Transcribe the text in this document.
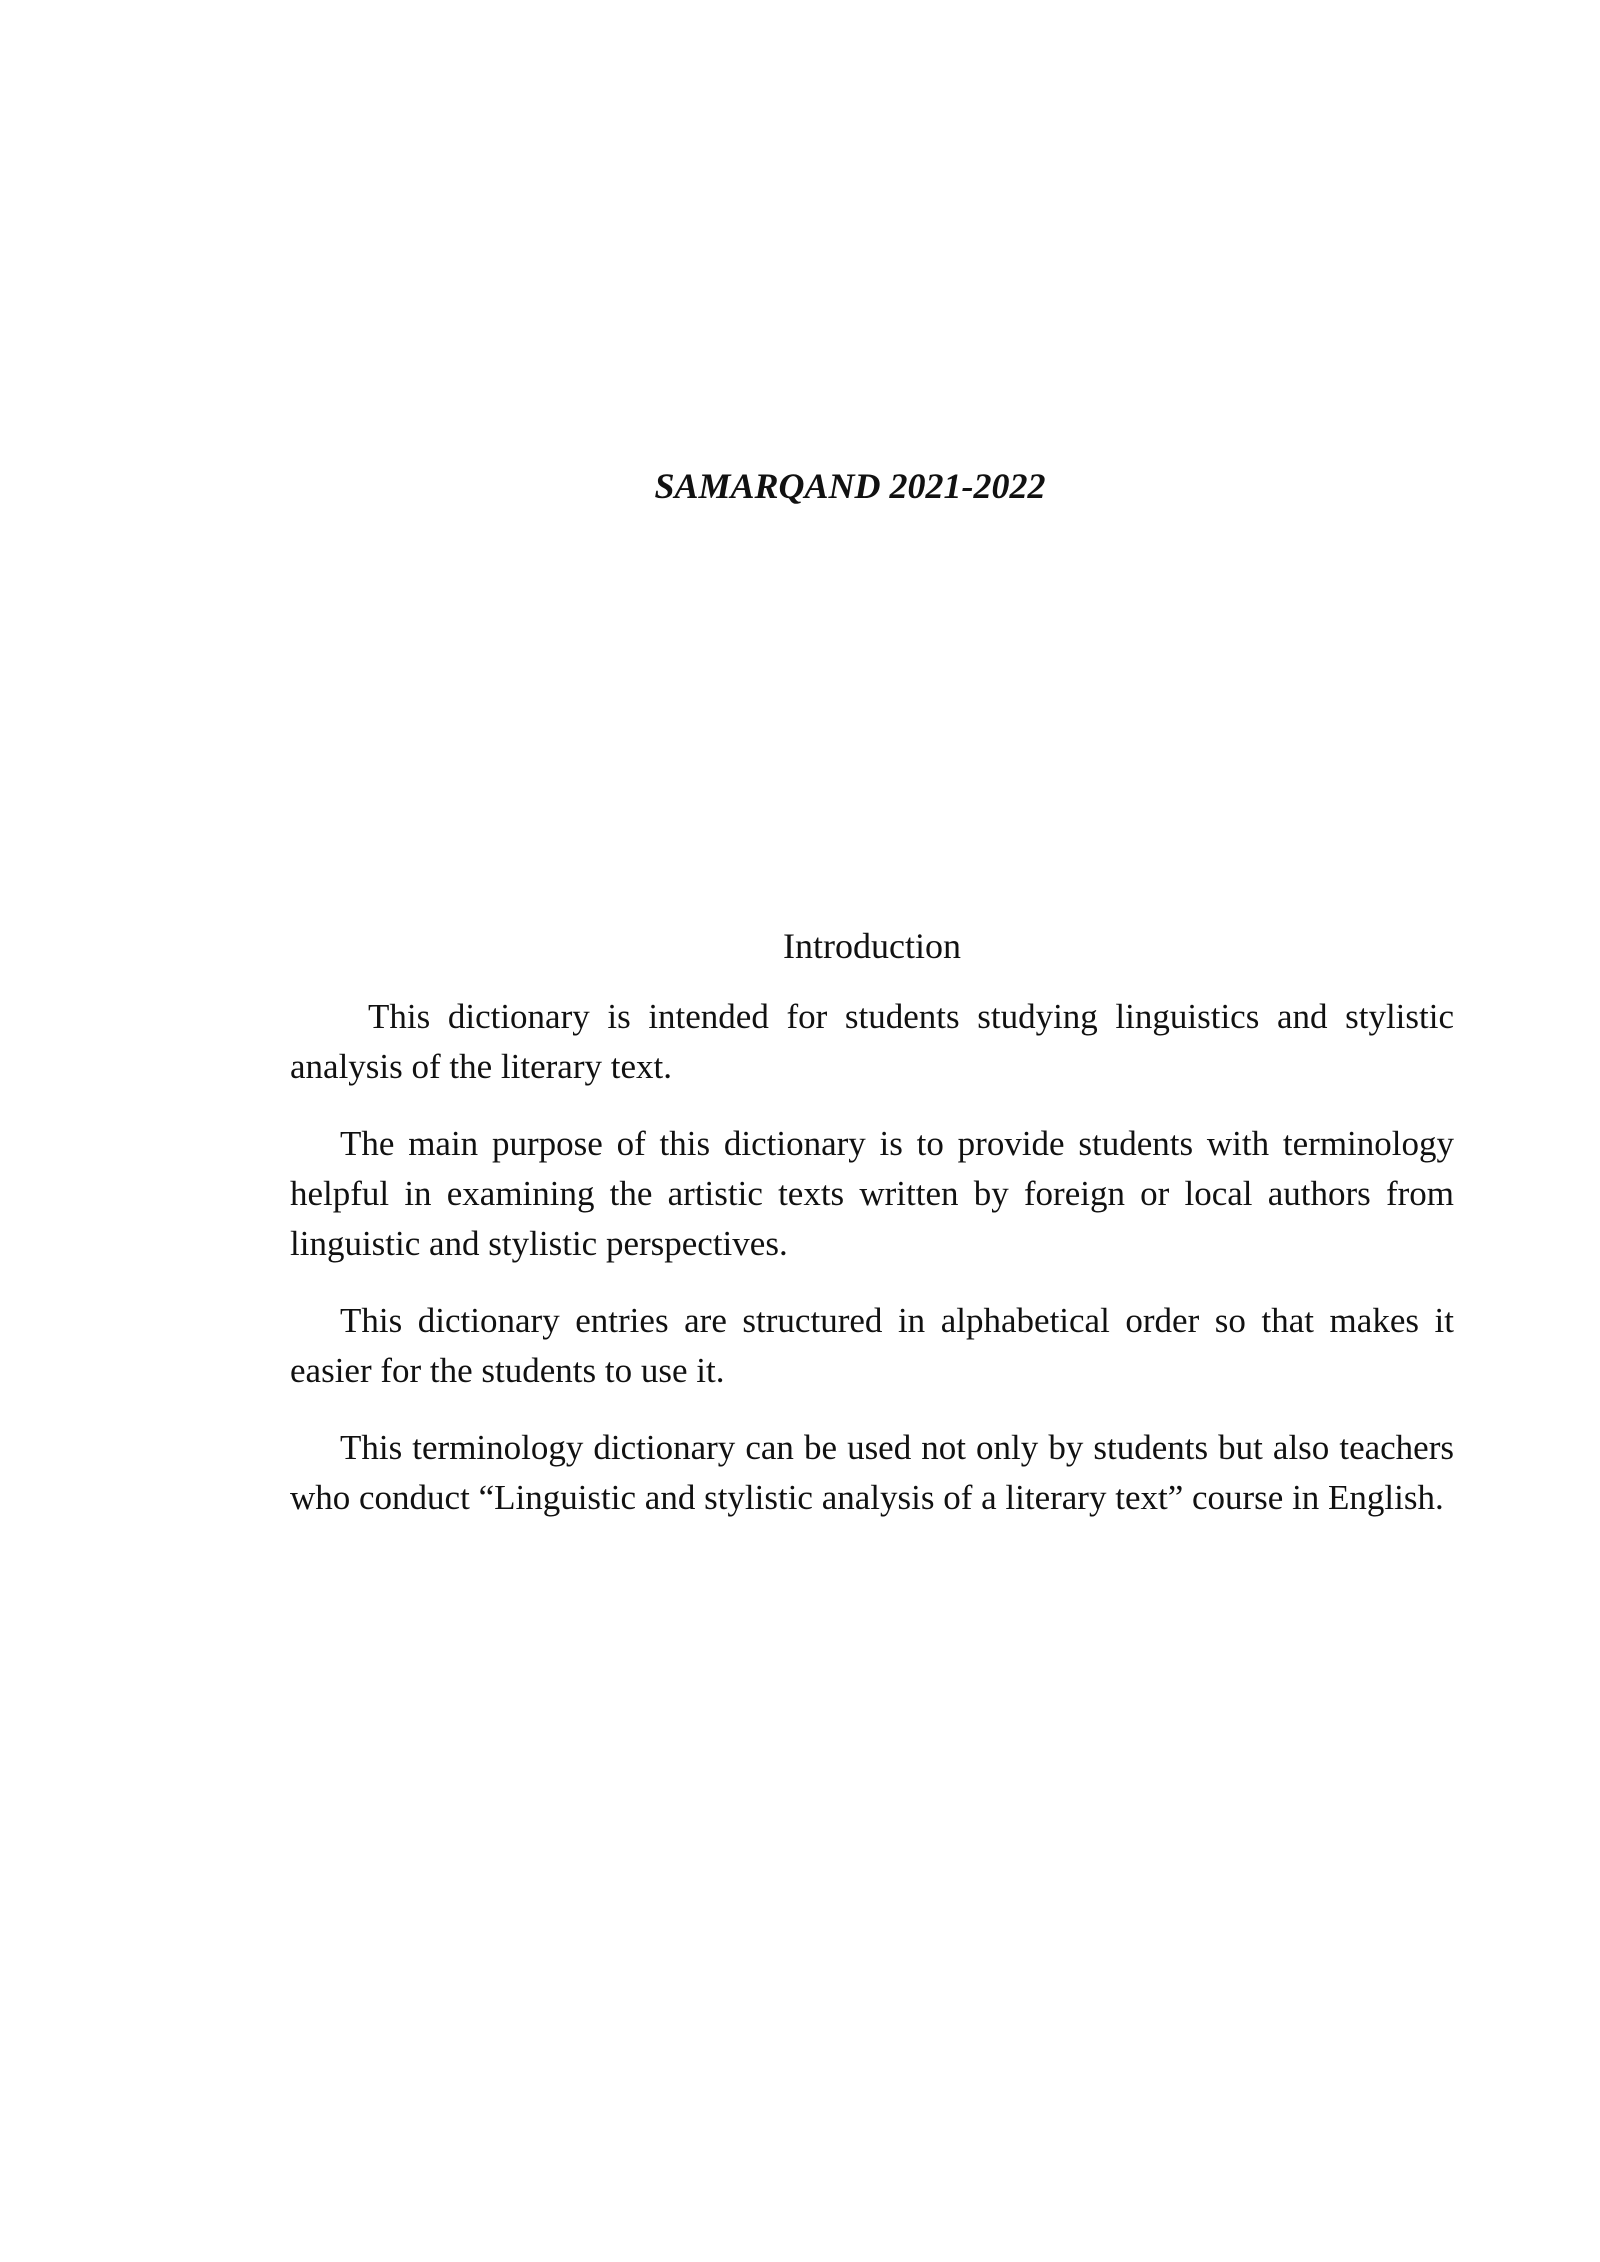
SAMARQAND 2021-2022
Introduction

This dictionary is intended for students studying linguistics and stylistic analysis of the literary text.

The main purpose of this dictionary is to provide students with terminology helpful in examining the artistic texts written by foreign or local authors from linguistic and stylistic perspectives.

This dictionary entries are structured in alphabetical order so that makes it easier for the students to use it.

This terminology dictionary can be used not only by students but also teachers who conduct “Linguistic and stylistic analysis of a literary text” course in English.
